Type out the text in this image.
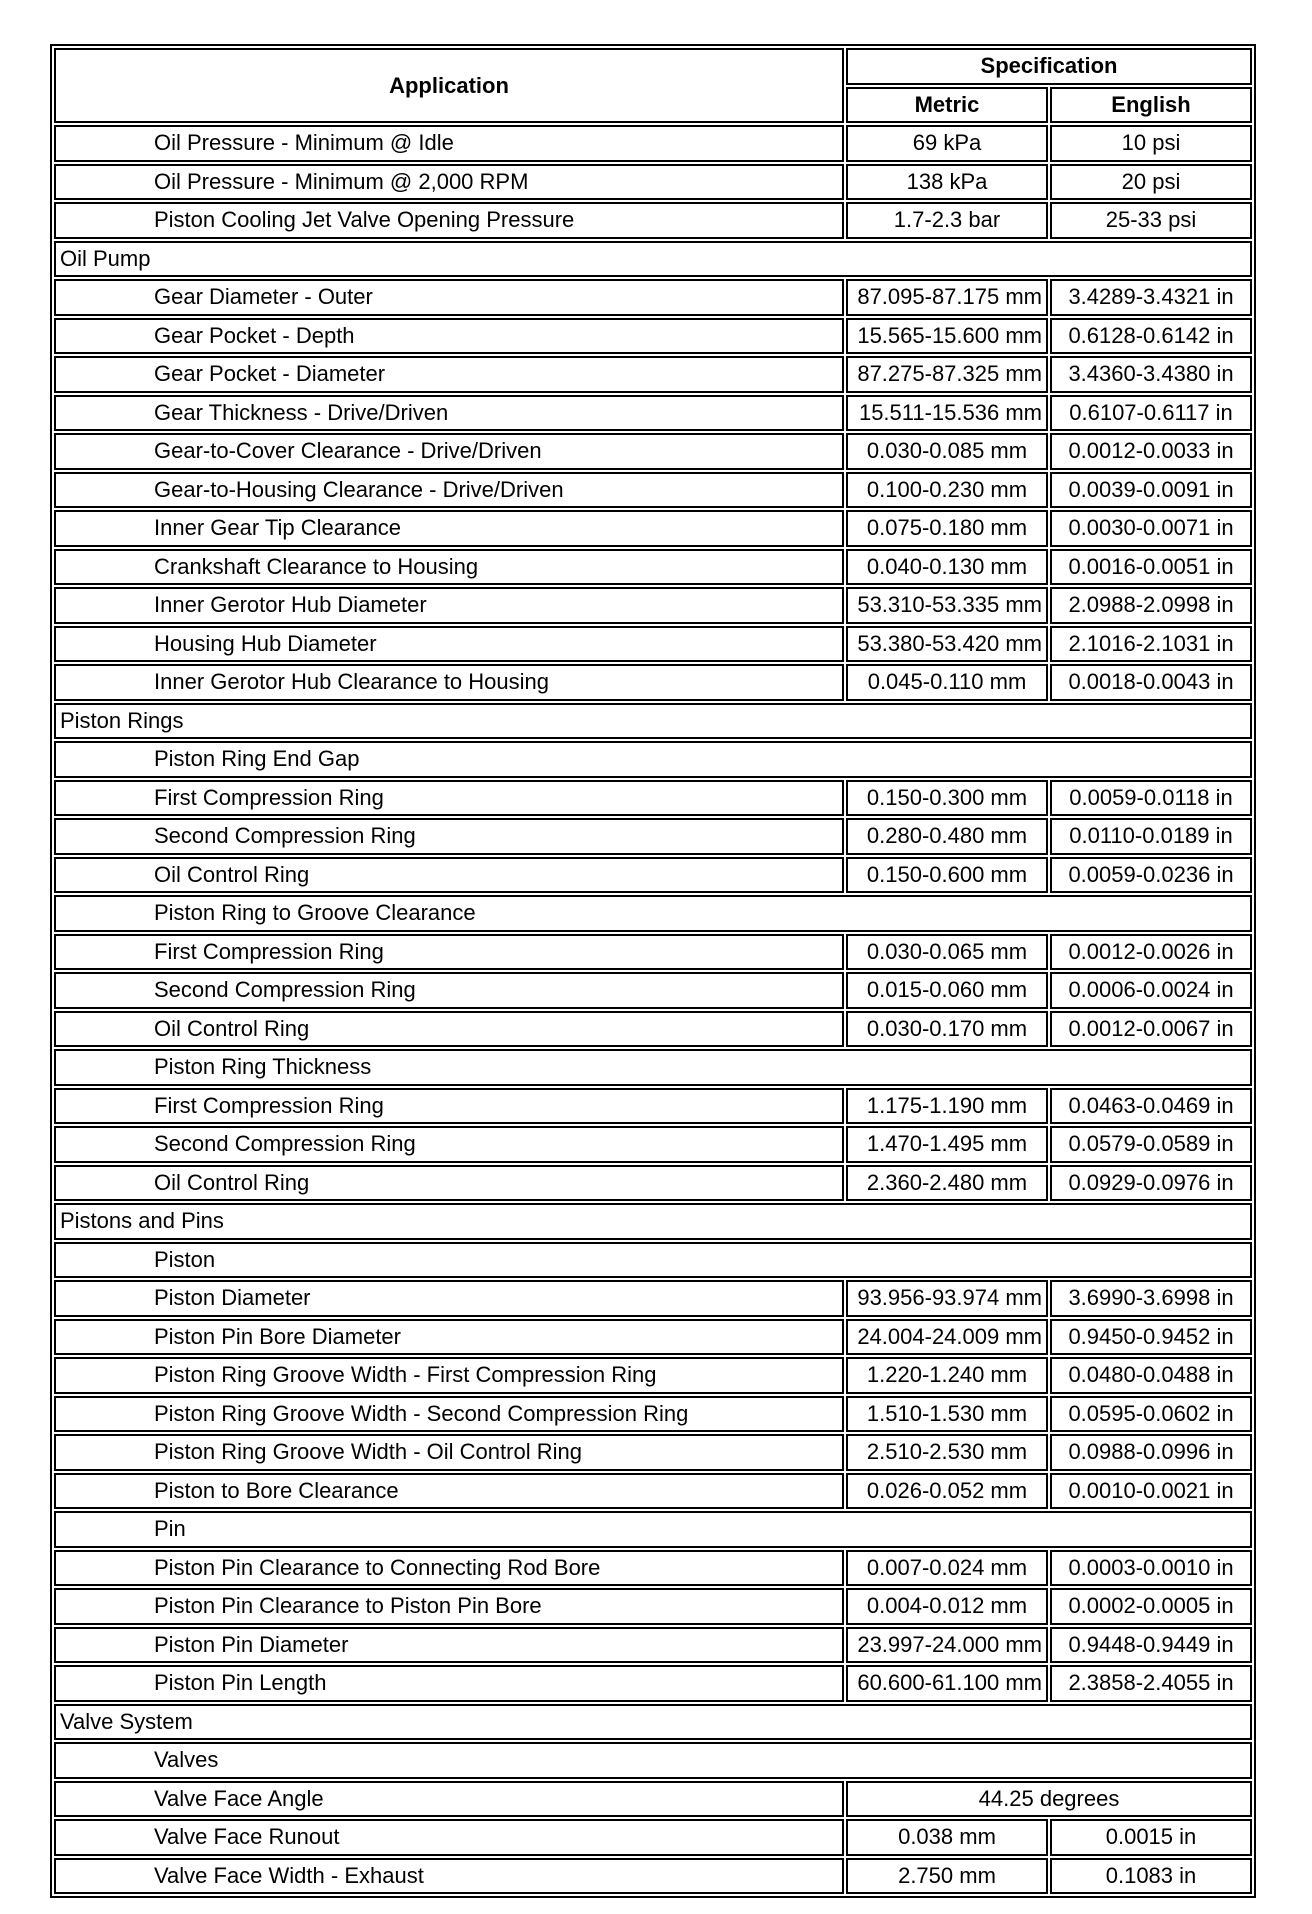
Application	Specification	
	Metric	English
Oil Pressure - Minimum @ Idle	69 kPa	10 psi
Oil Pressure - Minimum @ 2,000 RPM	138 kPa	20 psi
Piston Cooling Jet Valve Opening Pressure	1.7-2.3 bar	25-33 psi
Oil Pump		
Gear Diameter - Outer	87.095-87.175 mm	3.4289-3.4321 in
Gear Pocket - Depth	15.565-15.600 mm	0.6128-0.6142 in
Gear Pocket - Diameter	87.275-87.325 mm	3.4360-3.4380 in
Gear Thickness - Drive/Driven	15.511-15.536 mm	0.6107-0.6117 in
Gear-to-Cover Clearance - Drive/Driven	0.030-0.085 mm	0.0012-0.0033 in
Gear-to-Housing Clearance - Drive/Driven	0.100-0.230 mm	0.0039-0.0091 in
Inner Gear Tip Clearance	0.075-0.180 mm	0.0030-0.0071 in
Crankshaft Clearance to Housing	0.040-0.130 mm	0.0016-0.0051 in
Inner Gerotor Hub Diameter	53.310-53.335 mm	2.0988-2.0998 in
Housing Hub Diameter	53.380-53.420 mm	2.1016-2.1031 in
Inner Gerotor Hub Clearance to Housing	0.045-0.110 mm	0.0018-0.0043 in
Piston Rings		
Piston Ring End Gap		
First Compression Ring	0.150-0.300 mm	0.0059-0.0118 in
Second Compression Ring	0.280-0.480 mm	0.0110-0.0189 in
Oil Control Ring	0.150-0.600 mm	0.0059-0.0236 in
Piston Ring to Groove Clearance		
First Compression Ring	0.030-0.065 mm	0.0012-0.0026 in
Second Compression Ring	0.015-0.060 mm	0.0006-0.0024 in
Oil Control Ring	0.030-0.170 mm	0.0012-0.0067 in
Piston Ring Thickness		
First Compression Ring	1.175-1.190 mm	0.0463-0.0469 in
Second Compression Ring	1.470-1.495 mm	0.0579-0.0589 in
Oil Control Ring	2.360-2.480 mm	0.0929-0.0976 in
Pistons and Pins		
Piston		
Piston Diameter	93.956-93.974 mm	3.6990-3.6998 in
Piston Pin Bore Diameter	24.004-24.009 mm	0.9450-0.9452 in
Piston Ring Groove Width - First Compression Ring	1.220-1.240 mm	0.0480-0.0488 in
Piston Ring Groove Width - Second Compression Ring	1.510-1.530 mm	0.0595-0.0602 in
Piston Ring Groove Width - Oil Control Ring	2.510-2.530 mm	0.0988-0.0996 in
Piston to Bore Clearance	0.026-0.052 mm	0.0010-0.0021 in
Pin		
Piston Pin Clearance to Connecting Rod Bore	0.007-0.024 mm	0.0003-0.0010 in
Piston Pin Clearance to Piston Pin Bore	0.004-0.012 mm	0.0002-0.0005 in
Piston Pin Diameter	23.997-24.000 mm	0.9448-0.9449 in
Piston Pin Length	60.600-61.100 mm	2.3858-2.4055 in
Valve System		
Valves		
Valve Face Angle	44.25 degrees	
Valve Face Runout	0.038 mm	0.0015 in
Valve Face Width - Exhaust	2.750 mm	0.1083 in
